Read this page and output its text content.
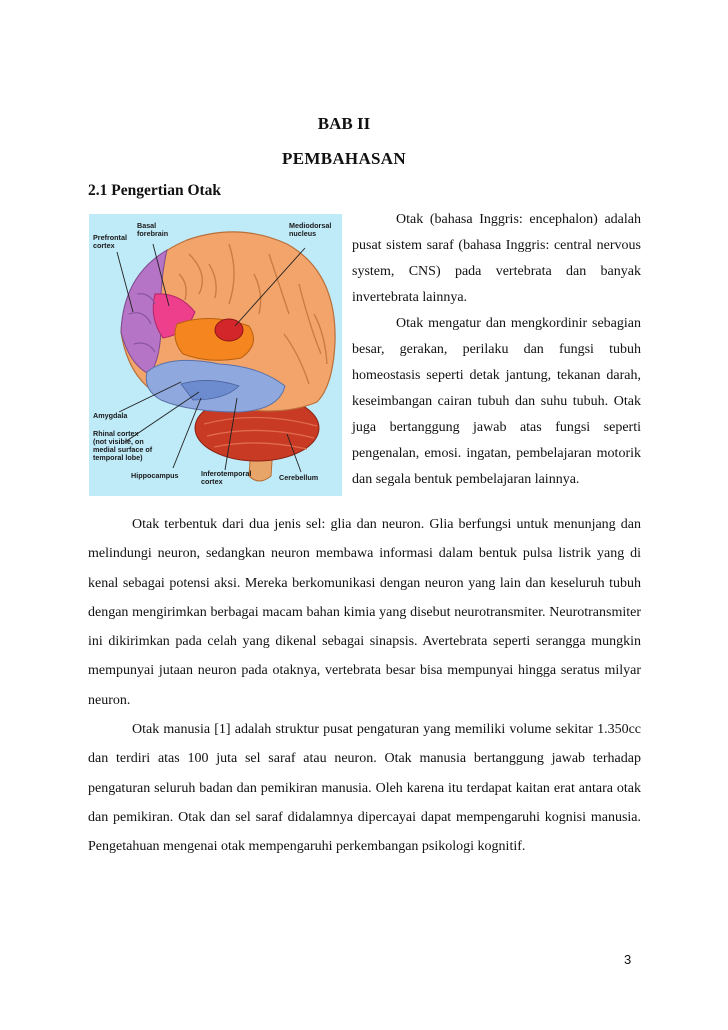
BAB II
PEMBAHASAN
2.1 Pengertian Otak
Basal forebrain
Mediodorsal nucleus
Prefrontal cortex
Amygdala
Rhinal cortex (not visible, on medial surface of temporal lobe)
Hippocampus	Inferotemporal cortex	Cerebellum

Otak (bahasa Inggris: encephalon) adalah pusat sistem saraf (bahasa Inggris: central nervous system, CNS) pada vertebrata dan banyak invertebrata lainnya.

Otak mengatur dan mengkordinir sebagian besar, gerakan, perilaku dan fungsi tubuh homeostasis seperti detak jantung, tekanan darah, keseimbangan cairan tubuh dan suhu tubuh. Otak juga bertanggung jawab atas fungsi seperti pengenalan, emosi. ingatan, pembelajaran motorik dan segala bentuk pembelajaran lainnya.

Otak terbentuk dari dua jenis sel: glia dan neuron. Glia berfungsi untuk menunjang dan melindungi neuron, sedangkan neuron membawa informasi dalam bentuk pulsa listrik yang di kenal sebagai potensi aksi. Mereka berkomunikasi dengan neuron yang lain dan keseluruh tubuh dengan mengirimkan berbagai macam bahan kimia yang disebut neurotransmiter. Neurotransmiter ini dikirimkan pada celah yang dikenal sebagai sinapsis. Avertebrata seperti serangga mungkin mempunyai jutaan neuron pada otaknya, vertebrata besar bisa mempunyai hingga seratus milyar neuron.

Otak manusia [1] adalah struktur pusat pengaturan yang memiliki volume sekitar 1.350cc dan terdiri atas 100 juta sel saraf atau neuron. Otak manusia bertanggung jawab terhadap pengaturan seluruh badan dan pemikiran manusia. Oleh karena itu terdapat kaitan erat antara otak dan pemikiran. Otak dan sel saraf didalamnya dipercayai dapat mempengaruhi kognisi manusia. Pengetahuan mengenai otak mempengaruhi perkembangan psikologi kognitif.

3
